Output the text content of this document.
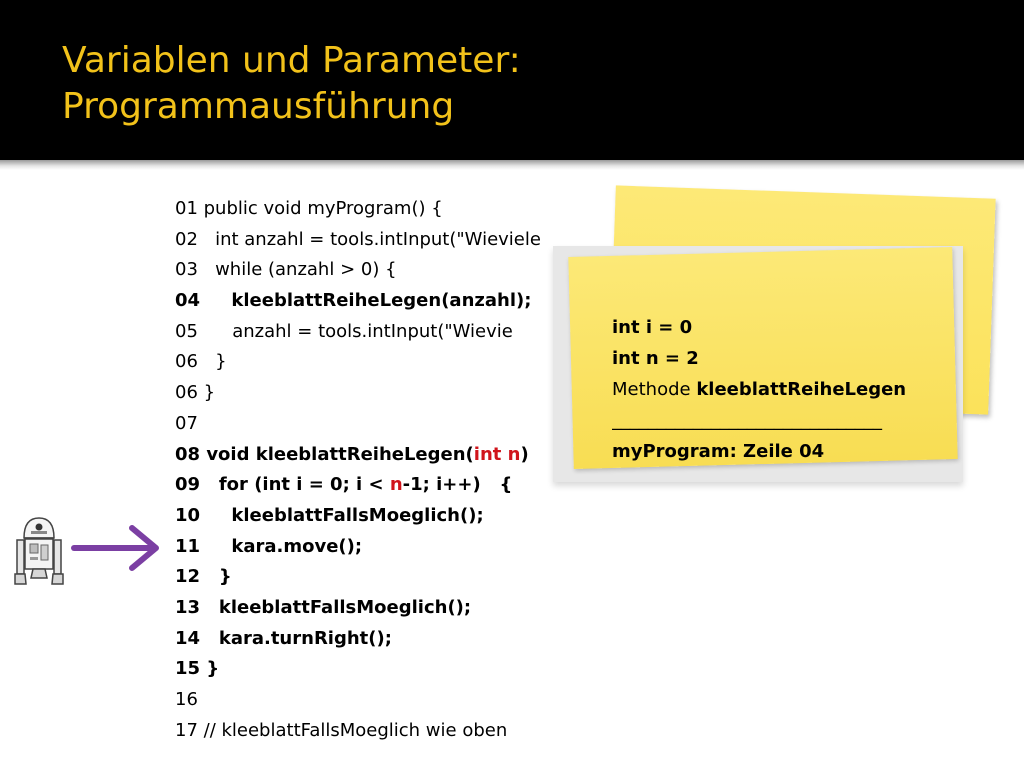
Variablen und Parameter:
Programmausführung
01 public void myProgram() {
02   int anzahl = tools.intInput("Wieviele
03   while (anzahl > 0) {
04     kleeblattReiheLegen(anzahl);
05      anzahl = tools.intInput("Wievie
06   }
06 }
07
08 void kleeblattReiheLegen(int n)
09   for (int i = 0; i < n-1; i++)   {
10     kleeblattFallsMoeglich();
11     kara.move();
12   }
13   kleeblattFallsMoeglich();
14   kara.turnRight();
15 }
16
17 // kleeblattFallsMoeglich wie oben
int i = 0
int n = 2
Methode kleeblattReiheLegen
______________________________
myProgram: Zeile 04
